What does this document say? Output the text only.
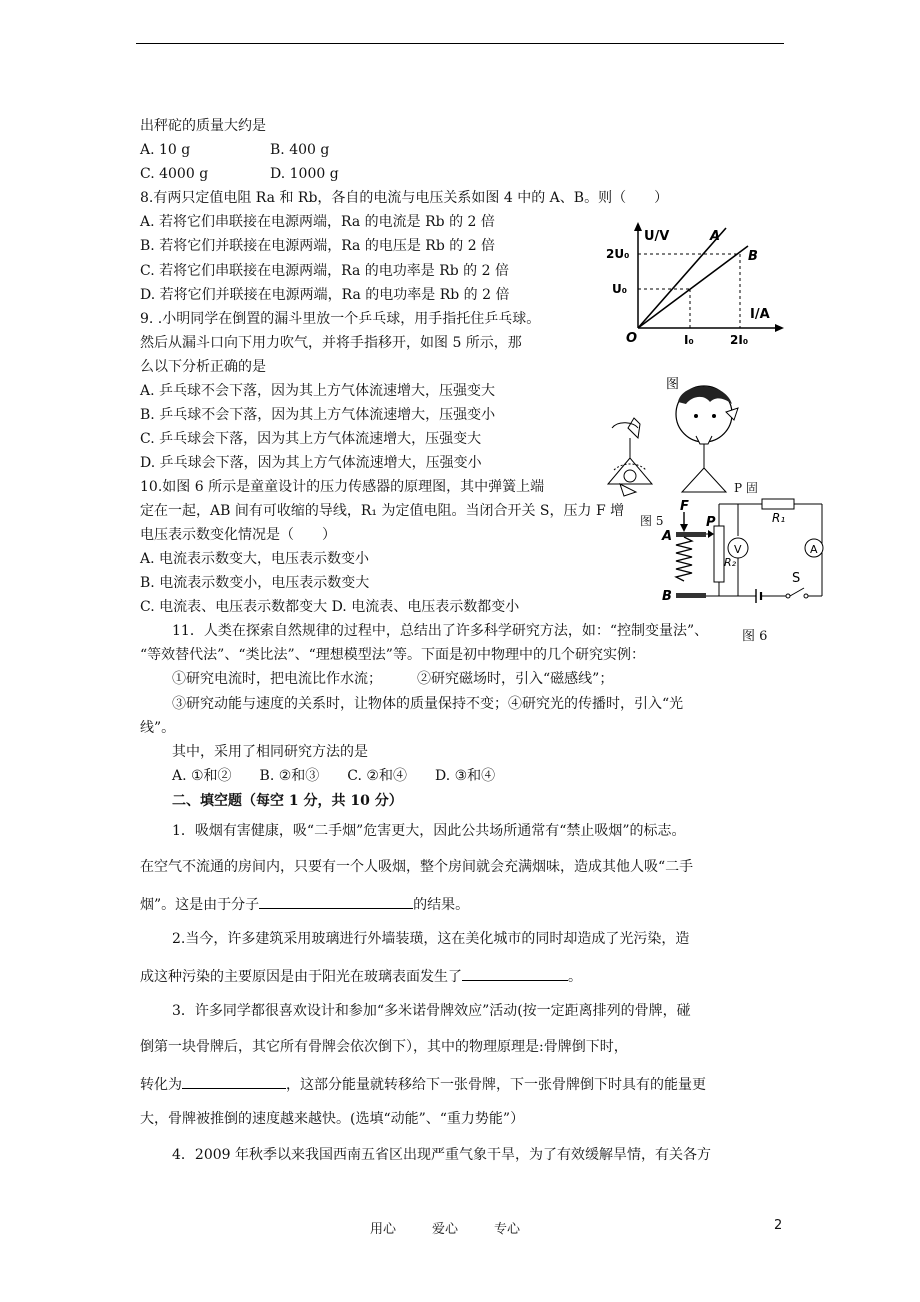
出秤砣的质量大约是
A. 10 g	B. 400 g
C. 4000 g	D. 1000 g
8.有两只定值电阻 Ra 和 Rb，各自的电流与电压关系如图 4 中的 A、B。则（　　）
A. 若将它们串联接在电源两端，Ra 的电流是 Rb 的 2 倍
B. 若将它们并联接在电源两端，Ra 的电压是 Rb 的 2 倍
C. 若将它们串联接在电源两端，Ra 的电功率是 Rb 的 2 倍
D. 若将它们并联接在电源两端，Ra 的电功率是 Rb 的 2 倍
9. .小明同学在倒置的漏斗里放一个乒乓球，用手指托住乒乓球。
然后从漏斗口向下用力吹气，并将手指移开，如图 5 所示，那
么以下分析正确的是
A. 乒乓球不会下落，因为其上方气体流速增大，压强变大
B. 乒乓球不会下落，因为其上方气体流速增大，压强变小
C. 乒乓球会下落，因为其上方气体流速增大，压强变大
D. 乒乓球会下落，因为其上方气体流速增大，压强变小
10.如图 6 所示是童童设计的压力传感器的原理图，其中弹簧上端
定在一起，AB 间有可收缩的导线，R₁ 为定值电阻。当闭合开关 S，压力 F 增
电压表示数变化情况是（　　）
A. 电流表示数变大，电压表示数变小
B. 电流表示数变小，电压表示数变大
C. 电流表、电压表示数都变大 D. 电流表、电压表示数都变小
11．人类在探索自然规律的过程中，总结出了许多科学研究方法，如：“控制变量法”、
“等效替代法”、“类比法”、“理想模型法”等。下面是初中物理中的几个研究实例：
①研究电流时，把电流比作水流；　　　②研究磁场时，引入“磁感线”；
③研究动能与速度的关系时，让物体的质量保持不变；④研究光的传播时，引入“光
线”。
其中，采用了相同研究方法的是
A. ①和②　　B. ②和③　　C. ②和④　　D. ③和④
二、填空题（每空 1 分，共 10 分）
1．吸烟有害健康，吸“二手烟”危害更大，因此公共场所通常有“禁止吸烟”的标志。
在空气不流通的房间内，只要有一个人吸烟，整个房间就会充满烟味，造成其他人吸“二手
烟”。这是由于分子	的结果。
2.当今，许多建筑采用玻璃进行外墙装璜，这在美化城市的同时却造成了光污染，造
成这种污染的主要原因是由于阳光在玻璃表面发生了	。
3．许多同学都很喜欢设计和参加“多米诺骨牌效应”活动(按一定距离排列的骨牌，碰
倒第一块骨牌后，其它所有骨牌会依次倒下），其中的物理原理是:骨牌倒下时，
转化为	，这部分能量就转移给下一张骨牌，下一张骨牌倒下时具有的能量更
大，骨牌被推倒的速度越来越快。(选填“动能”、“重力势能”）
4．2009 年秋季以来我国西南五省区出现严重气象干旱，为了有效缓解旱情，有关各方
U/V
I/A
2U₀
U₀
I₀	2I₀
O
A
B
图
P 固
图 5
F
P
A
B
R₁
R₂
V	A
S
图 6
用心	爱心	专心	2
